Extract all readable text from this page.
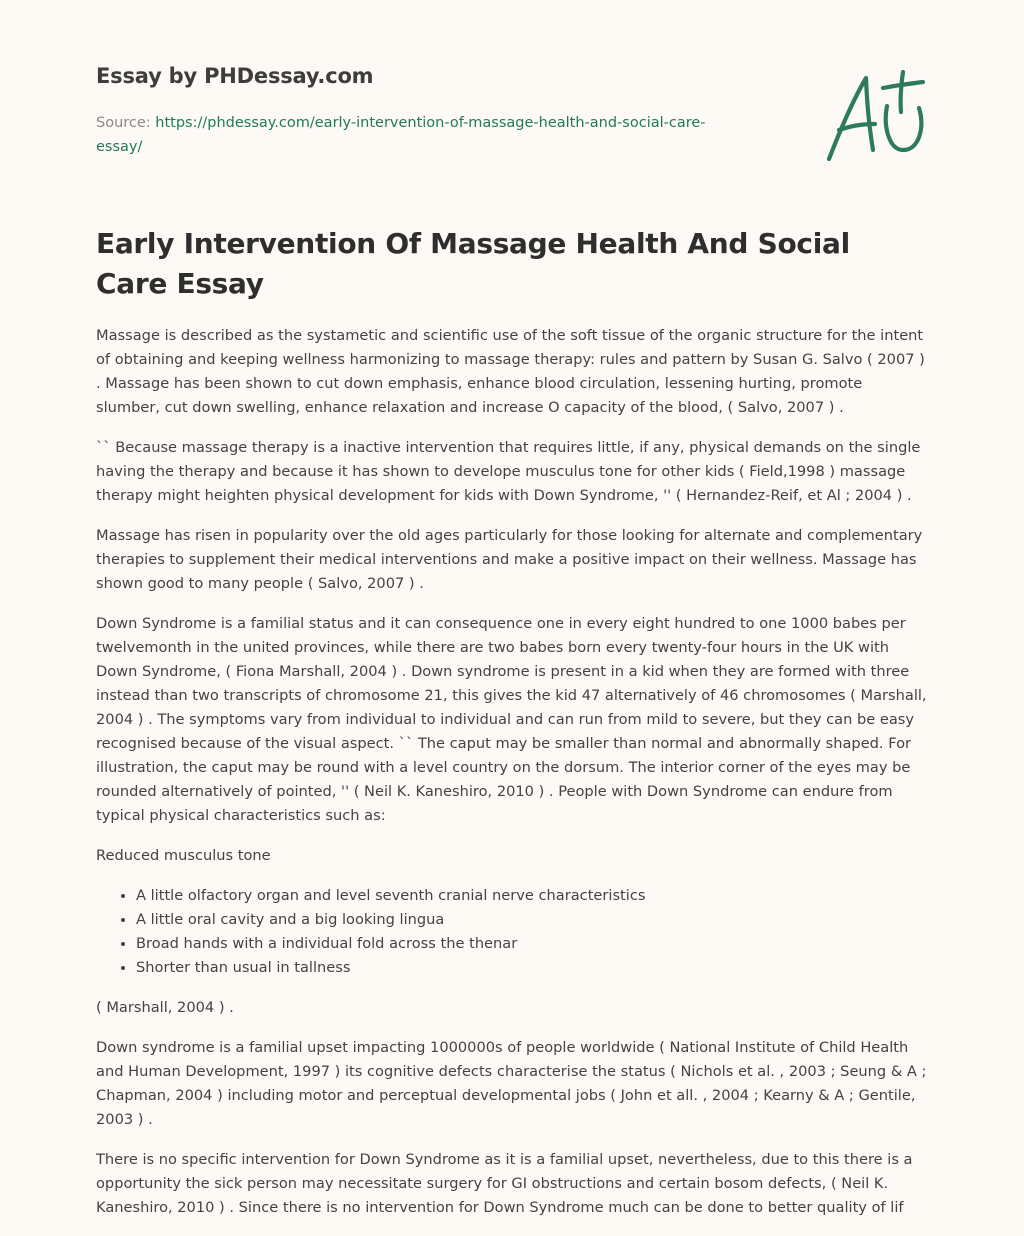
Essay by PHDessay.com
Source: https://phdessay.com/early-intervention-of-massage-health-and-social-care-essay/
Early Intervention Of Massage Health And Social Care Essay

Massage is described as the systametic and scientific use of the soft tissue of the organic structure for the intent of obtaining and keeping wellness harmonizing to massage therapy: rules and pattern by Susan G. Salvo ( 2007 ) . Massage has been shown to cut down emphasis, enhance blood circulation, lessening hurting, promote slumber, cut down swelling, enhance relaxation and increase O capacity of the blood, ( Salvo, 2007 ) .

`` Because massage therapy is a inactive intervention that requires little, if any, physical demands on the single having the therapy and because it has shown to develope musculus tone for other kids ( Field,1998 ) massage therapy might heighten physical development for kids with Down Syndrome, '' ( Hernandez-Reif, et Al ; 2004 ) .

Massage has risen in popularity over the old ages particularly for those looking for alternate and complementary therapies to supplement their medical interventions and make a positive impact on their wellness. Massage has shown good to many people ( Salvo, 2007 ) .

Down Syndrome is a familial status and it can consequence one in every eight hundred to one 1000 babes per twelvemonth in the united provinces, while there are two babes born every twenty-four hours in the UK with Down Syndrome, ( Fiona Marshall, 2004 ) . Down syndrome is present in a kid when they are formed with three instead than two transcripts of chromosome 21, this gives the kid 47 alternatively of 46 chromosomes ( Marshall, 2004 ) . The symptoms vary from individual to individual and can run from mild to severe, but they can be easy recognised because of the visual aspect. `` The caput may be smaller than normal and abnormally shaped. For illustration, the caput may be round with a level country on the dorsum. The interior corner of the eyes may be rounded alternatively of pointed, '' ( Neil K. Kaneshiro, 2010 ) . People with Down Syndrome can endure from typical physical characteristics such as:

Reduced musculus tone

• A little olfactory organ and level seventh cranial nerve characteristics
• A little oral cavity and a big looking lingua
• Broad hands with a individual fold across the thenar
• Shorter than usual in tallness

( Marshall, 2004 ) .

Down syndrome is a familial upset impacting 1000000s of people worldwide ( National Institute of Child Health and Human Development, 1997 ) its cognitive defects characterise the status ( Nichols et al. , 2003 ; Seung & A ; Chapman, 2004 ) including motor and perceptual developmental jobs ( John et all. , 2004 ; Kearny & A ; Gentile, 2003 ) .

There is no specific intervention for Down Syndrome as it is a familial upset, nevertheless, due to this there is a opportunity the sick person may necessitate surgery for GI obstructions and certain bosom defects, ( Neil K. Kaneshiro, 2010 ) . Since there is no intervention for Down Syndrome much can be done to better quality of lif
